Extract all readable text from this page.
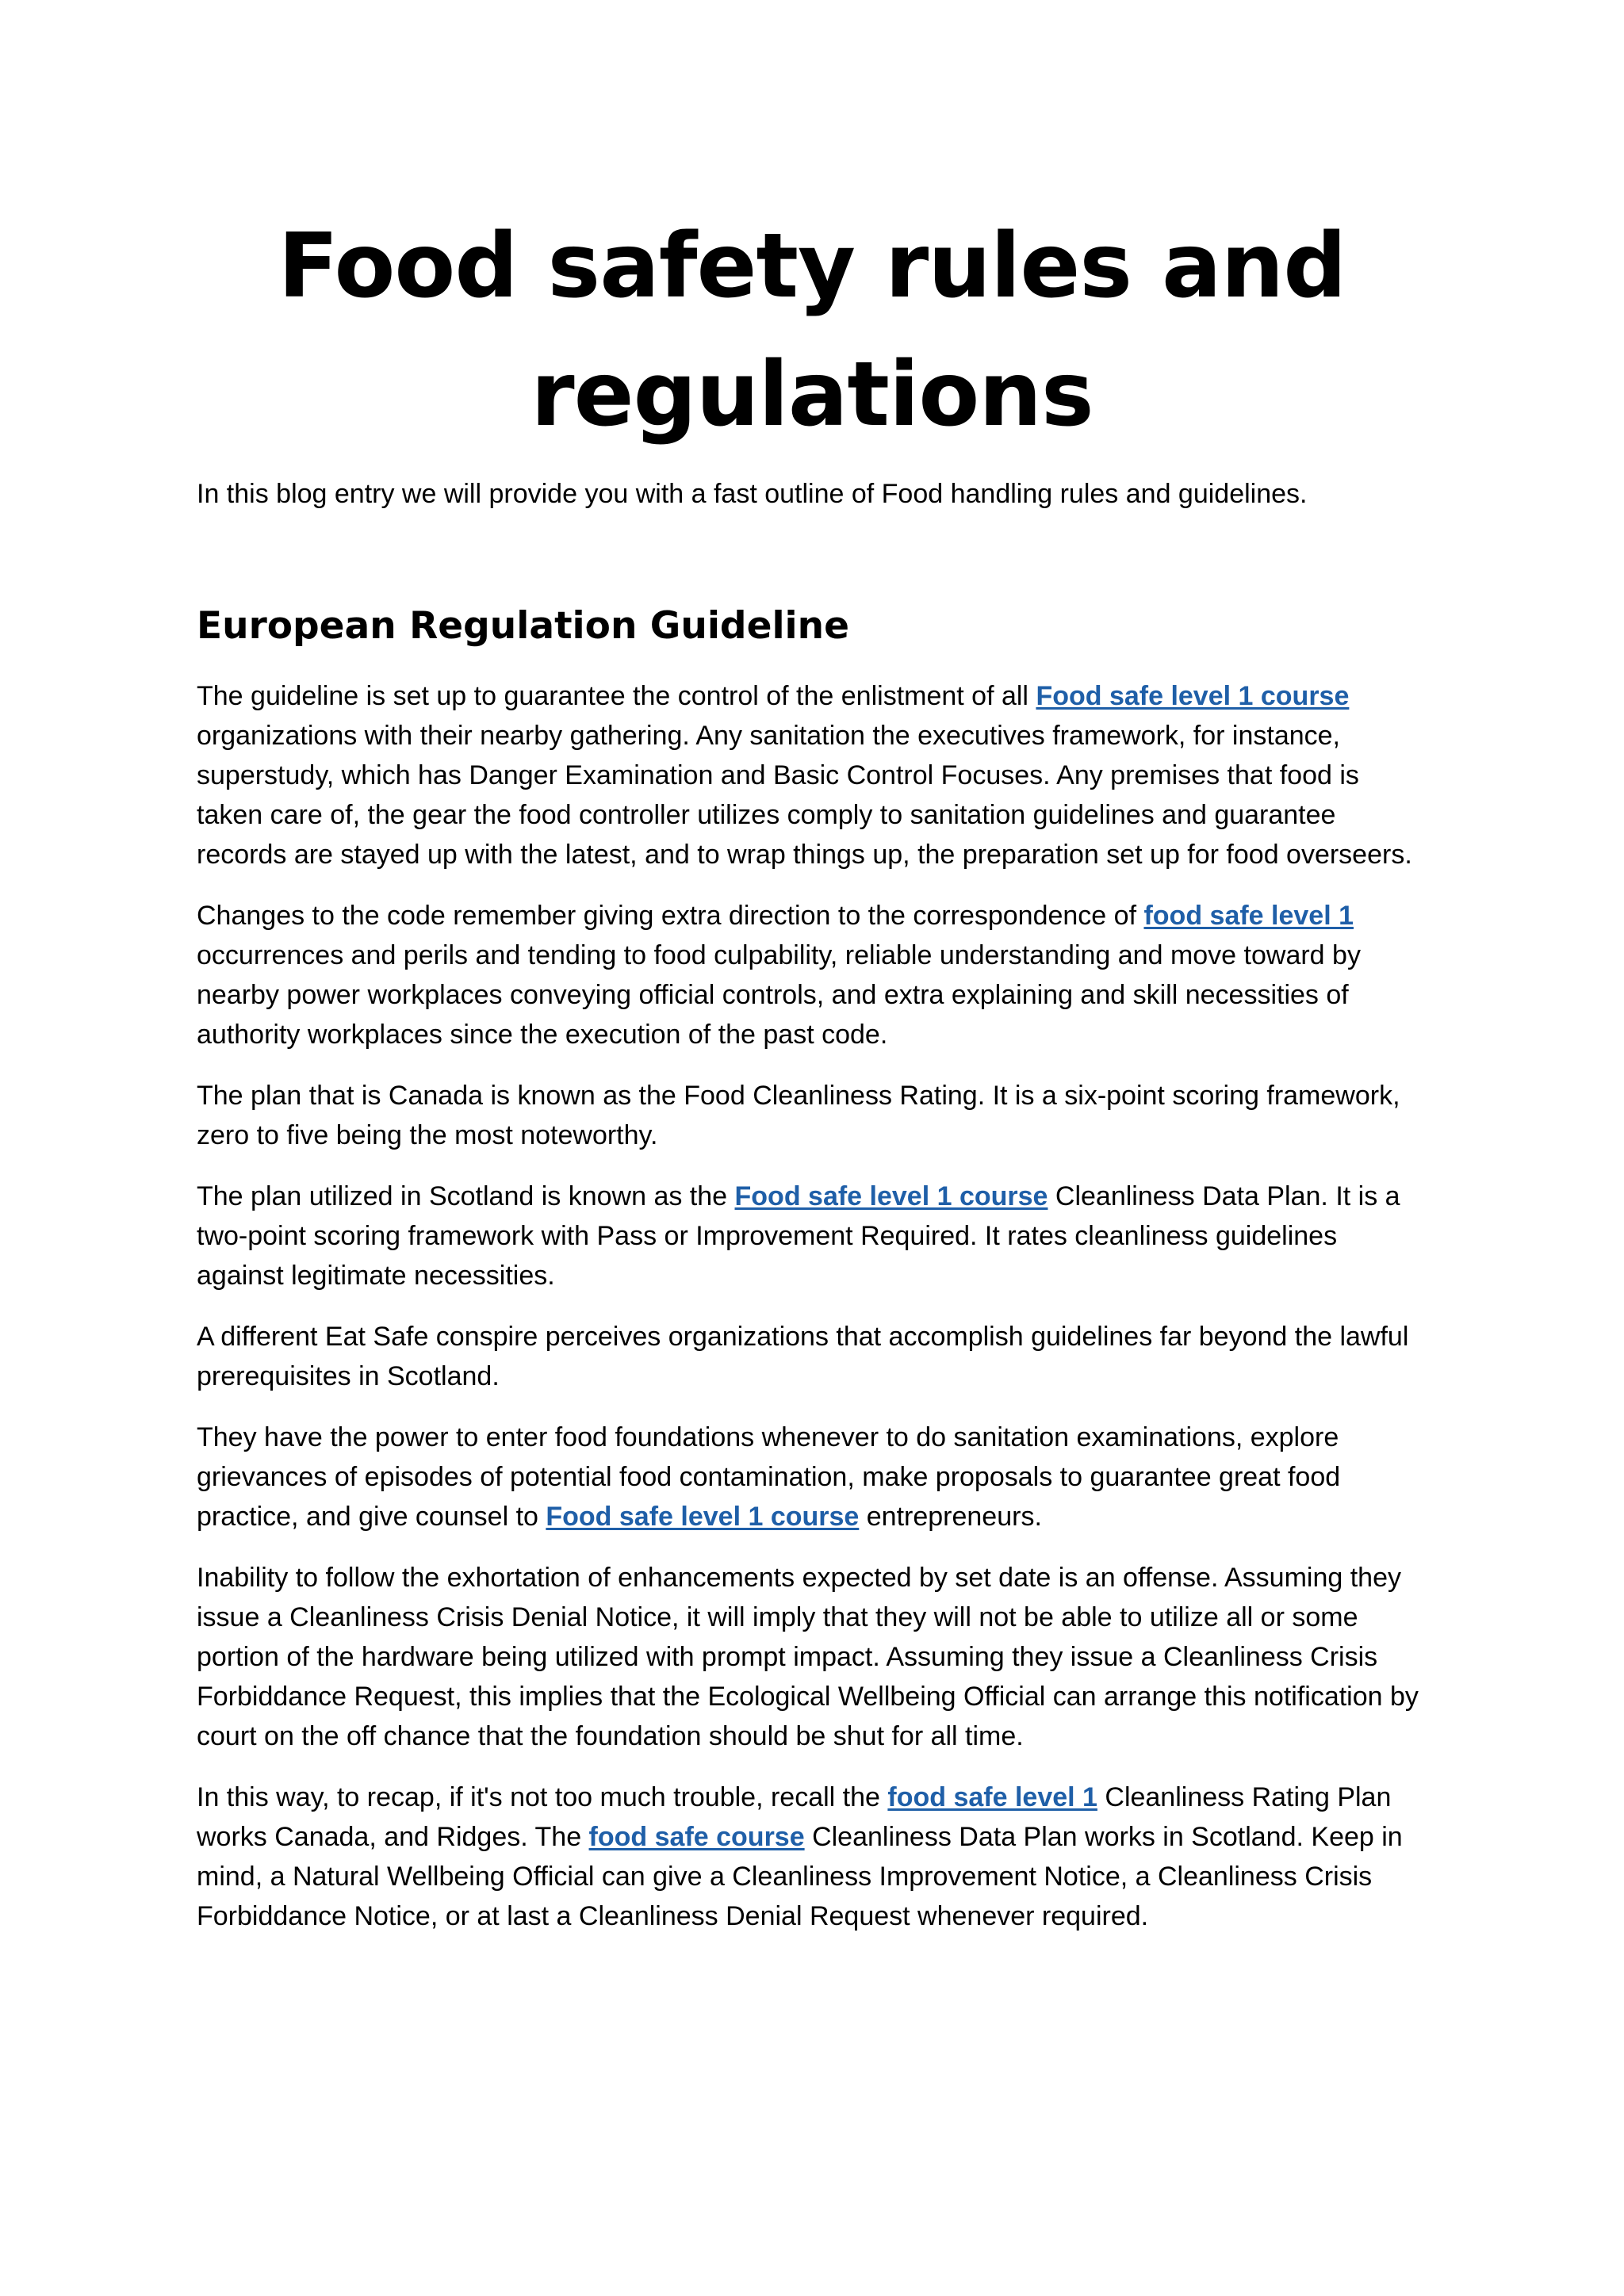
Food safety rules and
regulations

In this blog entry we will provide you with a fast outline of Food handling rules and guidelines.

European Regulation Guideline

The guideline is set up to guarantee the control of the enlistment of all Food safe level 1 course organizations with their nearby gathering. Any sanitation the executives framework, for instance, superstudy, which has Danger Examination and Basic Control Focuses. Any premises that food is taken care of, the gear the food controller utilizes comply to sanitation guidelines and guarantee records are stayed up with the latest, and to wrap things up, the preparation set up for food overseers.

Changes to the code remember giving extra direction to the correspondence of food safe level 1 occurrences and perils and tending to food culpability, reliable understanding and move toward by nearby power workplaces conveying official controls, and extra explaining and skill necessities of authority workplaces since the execution of the past code.

The plan that is Canada is known as the Food Cleanliness Rating. It is a six-point scoring framework, zero to five being the most noteworthy.

The plan utilized in Scotland is known as the Food safe level 1 course Cleanliness Data Plan. It is a two-point scoring framework with Pass or Improvement Required. It rates cleanliness guidelines against legitimate necessities.

A different Eat Safe conspire perceives organizations that accomplish guidelines far beyond the lawful prerequisites in Scotland.

They have the power to enter food foundations whenever to do sanitation examinations, explore grievances of episodes of potential food contamination, make proposals to guarantee great food practice, and give counsel to Food safe level 1 course entrepreneurs.

Inability to follow the exhortation of enhancements expected by set date is an offense. Assuming they issue a Cleanliness Crisis Denial Notice, it will imply that they will not be able to utilize all or some portion of the hardware being utilized with prompt impact. Assuming they issue a Cleanliness Crisis Forbiddance Request, this implies that the Ecological Wellbeing Official can arrange this notification by court on the off chance that the foundation should be shut for all time.

In this way, to recap, if it's not too much trouble, recall the food safe level 1 Cleanliness Rating Plan works Canada, and Ridges. The food safe course Cleanliness Data Plan works in Scotland. Keep in mind, a Natural Wellbeing Official can give a Cleanliness Improvement Notice, a Cleanliness Crisis Forbiddance Notice, or at last a Cleanliness Denial Request whenever required.
